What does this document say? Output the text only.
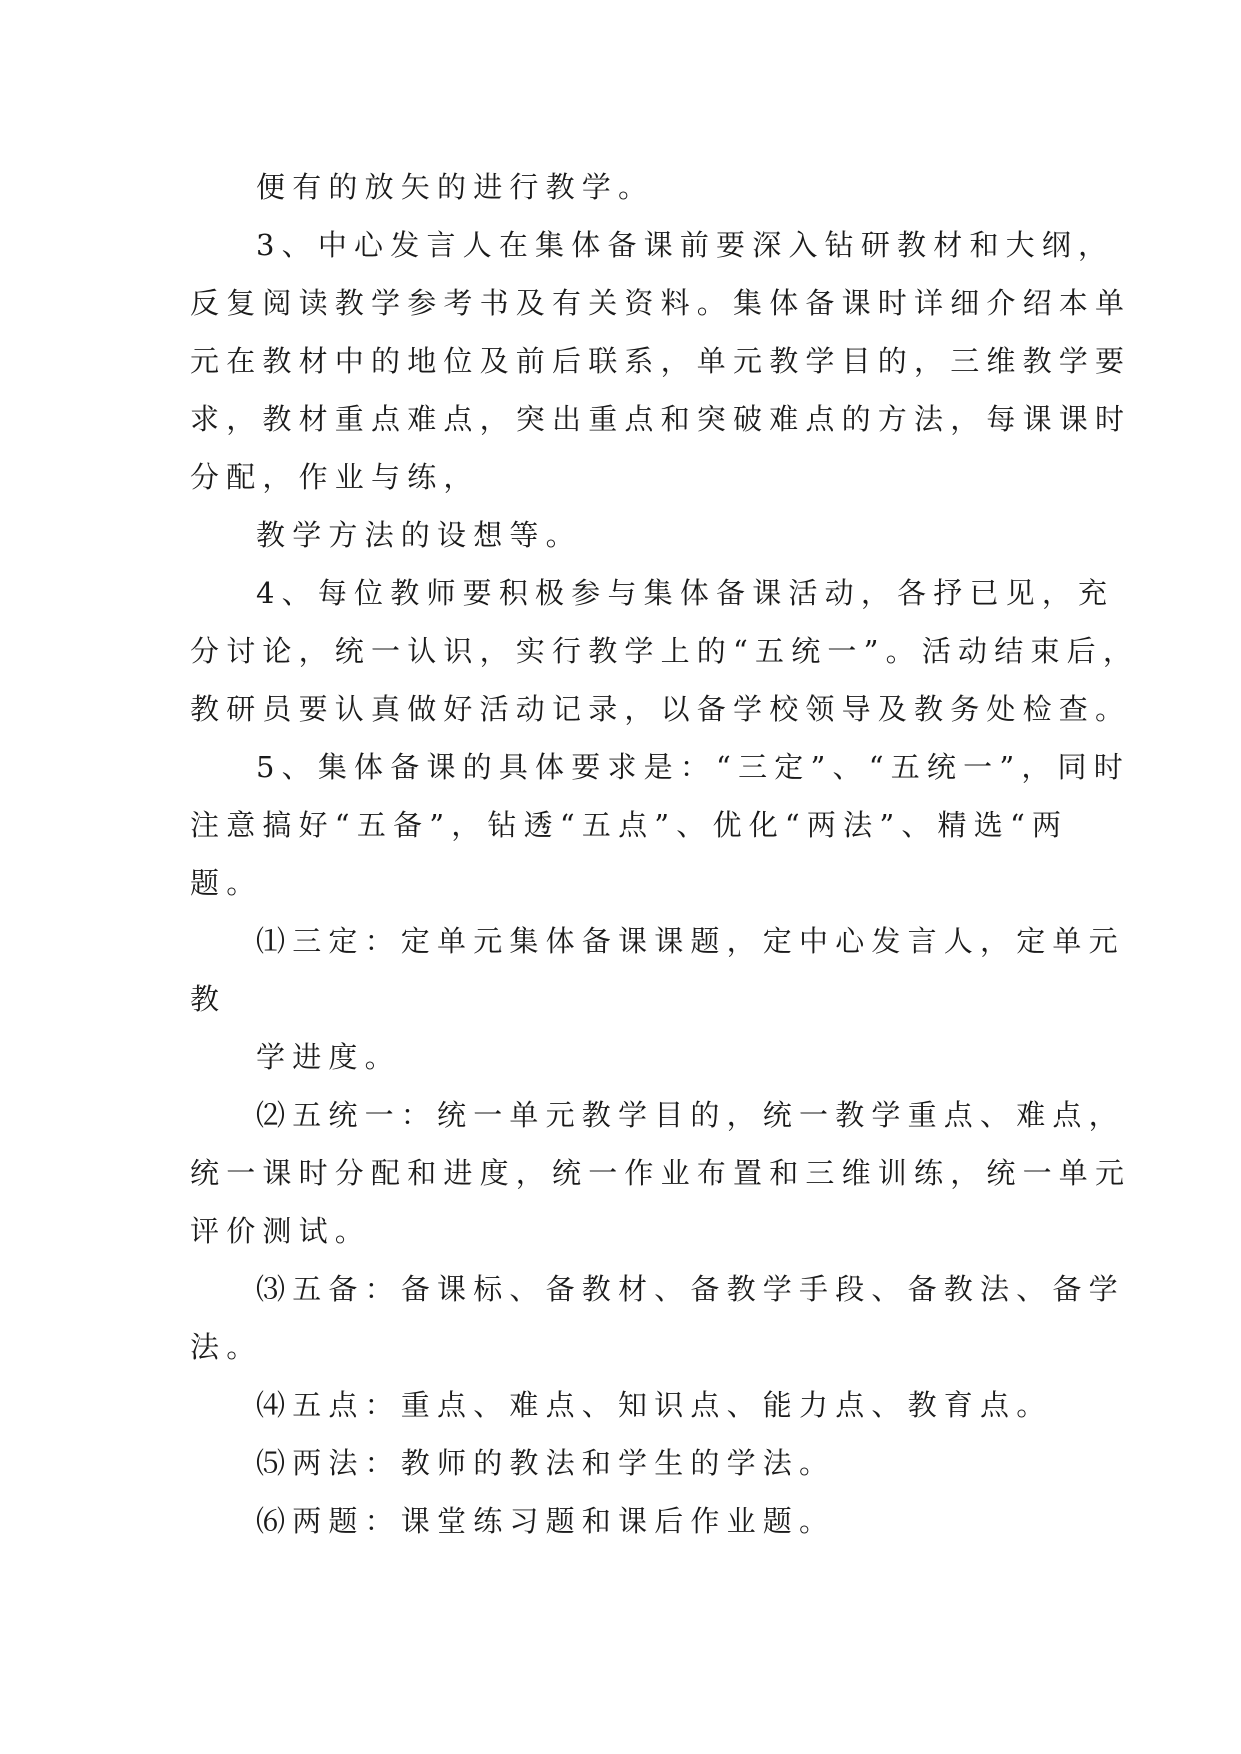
便有的放矢的进行教学。
3、中心发言人在集体备课前要深入钻研教材和大纲，
反复阅读教学参考书及有关资料。集体备课时详细介绍本单
元在教材中的地位及前后联系，单元教学目的，三维教学要
求，教材重点难点，突出重点和突破难点的方法，每课课时
分配，作业与练，
教学方法的设想等。
4、每位教师要积极参与集体备课活动，各抒已见，充
分讨论，统一认识，实行教学上的“五统一”。活动结束后，
教研员要认真做好活动记录，以备学校领导及教务处检查。
5、集体备课的具体要求是：“三定”、“五统一”，同时
注意搞好“五备”，钻透“五点”、优化“两法”、精选“两
题。
⑴三定：定单元集体备课课题，定中心发言人，定单元
教
学进度。
⑵五统一：统一单元教学目的，统一教学重点、难点，
统一课时分配和进度，统一作业布置和三维训练，统一单元
评价测试。
⑶五备：备课标、备教材、备教学手段、备教法、备学
法。
⑷五点：重点、难点、知识点、能力点、教育点。
⑸两法：教师的教法和学生的学法。
⑹两题：课堂练习题和课后作业题。
